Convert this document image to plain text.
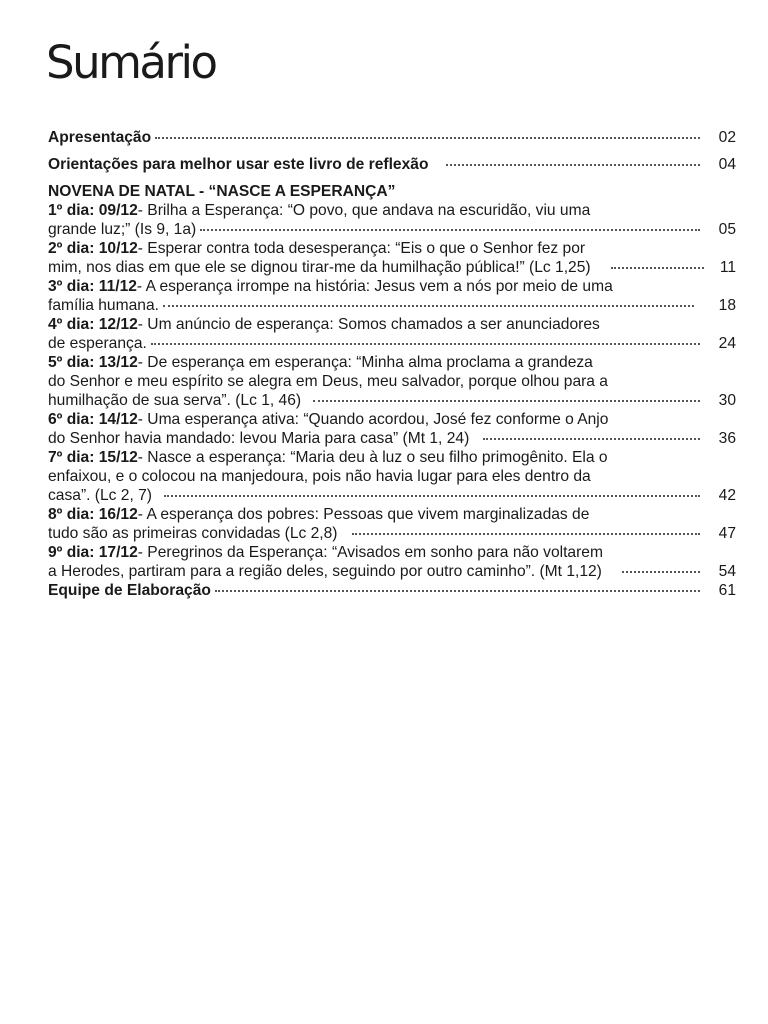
Sumário
Apresentação	02
Orientações para melhor usar este livro de reflexão	04
NOVENA DE NATAL - “NASCE A ESPERANÇA”
1º dia: 09/12 - Brilha a Esperança: “O povo, que andava na escuridão, viu uma
grande luz;” (Is 9, 1a)	05
2º dia: 10/12 - Esperar contra toda desesperança: “Eis o que o Senhor fez por
mim, nos dias em que ele se dignou tirar-me da humilhação pública!” (Lc 1,25)	11
3º dia: 11/12 - A esperança irrompe na história: Jesus vem a nós por meio de uma
família humana.	18
4º dia: 12/12 - Um anúncio de esperança: Somos chamados a ser anunciadores
de esperança.	24
5º dia: 13/12 - De esperança em esperança: “Minha alma proclama a grandeza
do Senhor e meu espírito se alegra em Deus, meu salvador, porque olhou para a
humilhação de sua serva”. (Lc 1, 46)	30
6º dia: 14/12 - Uma esperança ativa: “Quando acordou, José fez conforme o Anjo
do Senhor havia mandado: levou Maria para casa” (Mt 1, 24)	36
7º dia: 15/12 - Nasce a esperança: “Maria deu à luz o seu filho primogênito. Ela o
enfaixou, e o colocou na manjedoura, pois não havia lugar para eles dentro da
casa”. (Lc 2, 7)	42
8º dia: 16/12 - A esperança dos pobres: Pessoas que vivem marginalizadas de
tudo são as primeiras convidadas (Lc 2,8)	47
9º dia: 17/12 - Peregrinos da Esperança: “Avisados em sonho para não voltarem
a Herodes, partiram para a região deles, seguindo por outro caminho”. (Mt 1,12)	54
Equipe de Elaboração	61
